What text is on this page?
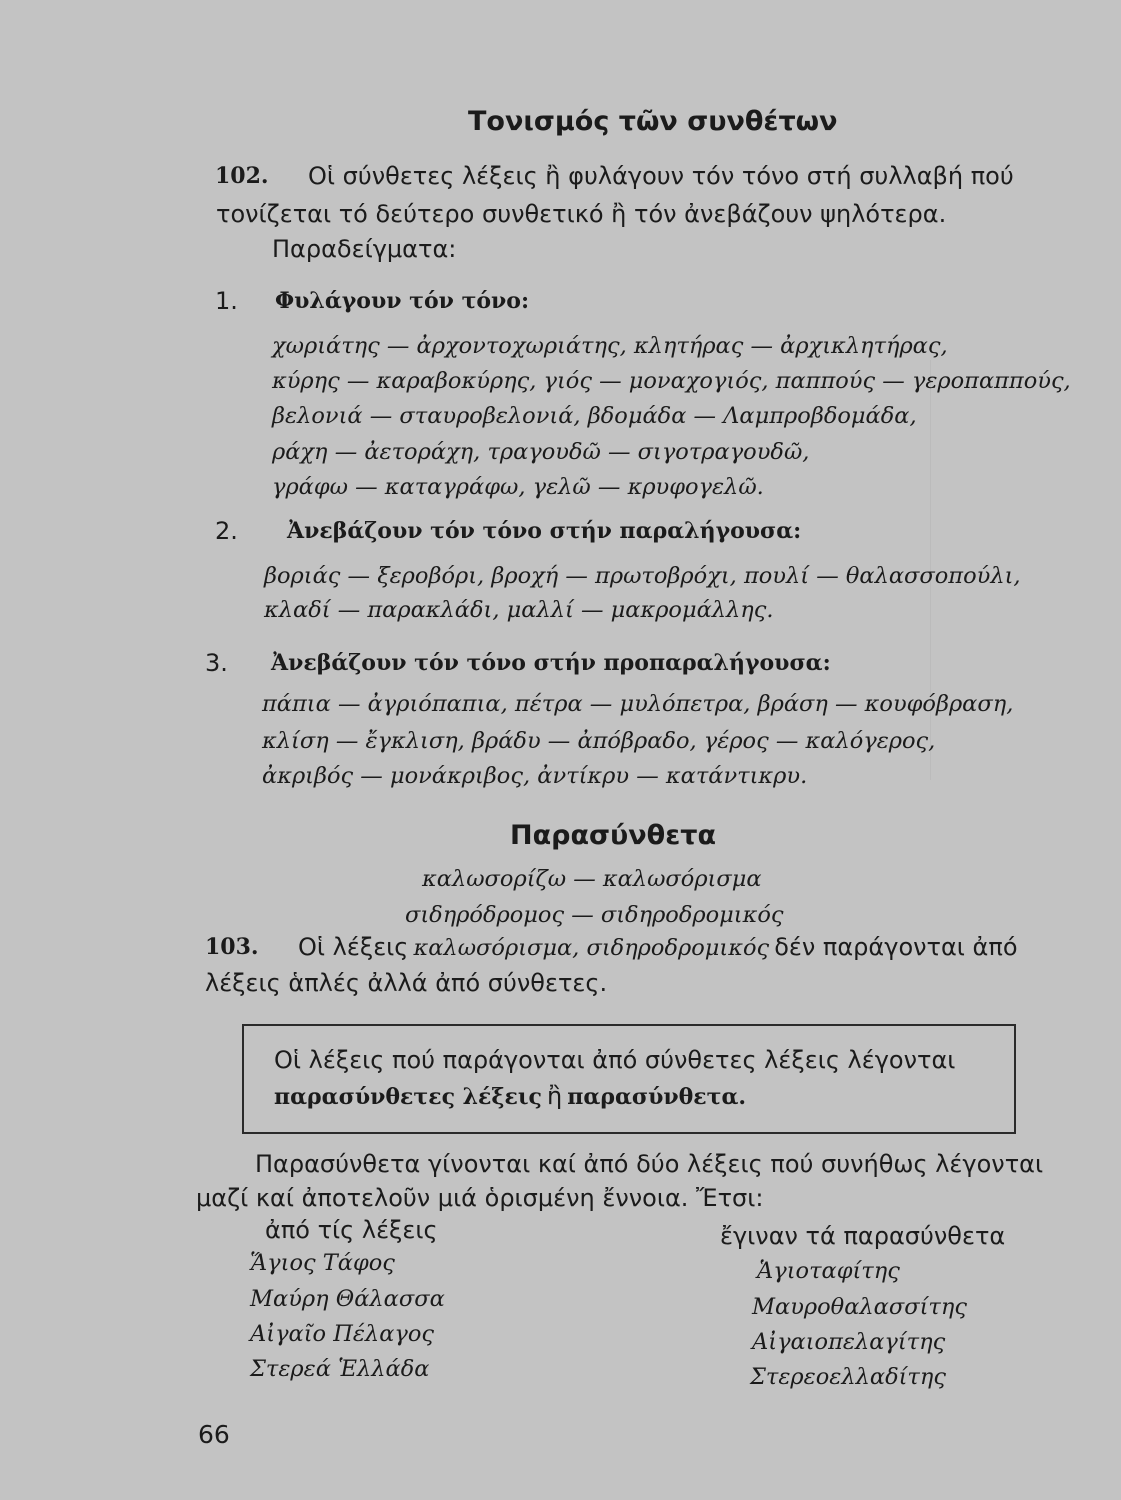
Τονισμός τῶν συνθέτων
102. Οἱ σύνθετες λέξεις ἢ φυλάγουν τόν τόνο στή συλλαβή πού
τονίζεται τό δεύτερο συνθετικό ἢ τόν ἀνεβάζουν ψηλότερα.
Παραδείγματα:
1. Φυλάγουν τόν τόνο:
χωριάτης — ἀρχοντοχωριάτης, κλητήρας — ἀρχικλητήρας,
κύρης — καραβοκύρης, γιός — μοναχογιός, παππούς — γεροπαππούς,
βελονιά — σταυροβελονιά, βδομάδα — Λαμπροβδομάδα,
ράχη — ἀετοράχη, τραγουδῶ — σιγοτραγουδῶ,
γράφω — καταγράφω, γελῶ — κρυφογελῶ.
2. Ἀνεβάζουν τόν τόνο στήν παραλήγουσα:
βοριάς — ξεροβόρι, βροχή — πρωτοβρόχι, πουλί — θαλασσοπούλι,
κλαδί — παρακλάδι, μαλλί — μακρομάλλης.
3. Ἀνεβάζουν τόν τόνο στήν προπαραλήγουσα:
πάπια — ἀγριόπαπια, πέτρα — μυλόπετρα, βράση — κουφόβραση,
κλίση — ἔγκλιση, βράδυ — ἀπόβραδο, γέρος — καλόγερος,
ἀκριβός — μονάκριβος, ἀντίκρυ — κατάντικρυ.
Παρασύνθετα
καλωσορίζω — καλωσόρισμα
σιδηρόδρομος — σιδηροδρομικός
103. Οἱ λέξεις καλωσόρισμα, σιδηροδρομικός δέν παράγονται ἀπό
λέξεις ἁπλές ἀλλά ἀπό σύνθετες.
Οἱ λέξεις πού παράγονται ἀπό σύνθετες λέξεις λέγονται
παρασύνθετες λέξεις ἢ παρασύνθετα.
Παρασύνθετα γίνονται καί ἀπό δύο λέξεις πού συνήθως λέγονται
μαζί καί ἀποτελοῦν μιά ὁρισμένη ἔννοια. Ἔτσι:
ἀπό τίς λέξεις	ἔγιναν τά παρασύνθετα
Ἅγιος Τάφος
Μαύρη Θάλασσα
Αἰγαῖο Πέλαγος
Στερεά Ἑλλάδα
Ἁγιοταφίτης
Μαυροθαλασσίτης
Αἰγαιοπελαγίτης
Στερεοελλαδίτης
66
